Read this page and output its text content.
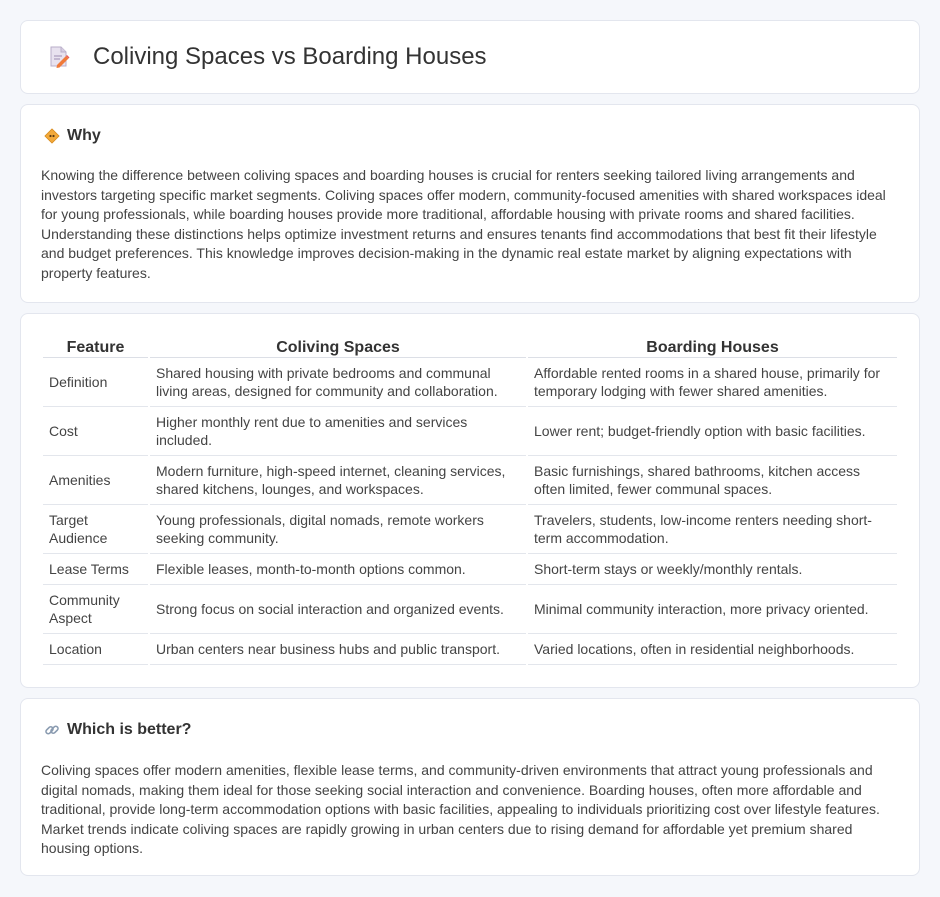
Coliving Spaces vs Boarding Houses
Why

Knowing the difference between coliving spaces and boarding houses is crucial for renters seeking tailored living arrangements and investors targeting specific market segments. Coliving spaces offer modern, community-focused amenities with shared workspaces ideal for young professionals, while boarding houses provide more traditional, affordable housing with private rooms and shared facilities. Understanding these distinctions helps optimize investment returns and ensures tenants find accommodations that best fit their lifestyle and budget preferences. This knowledge improves decision-making in the dynamic real estate market by aligning expectations with property features.

Feature	Coliving Spaces	Boarding Houses
Definition	Shared housing with private bedrooms and communal living areas, designed for community and collaboration.	Affordable rented rooms in a shared house, primarily for temporary lodging with fewer shared amenities.
Cost	Higher monthly rent due to amenities and services included.	Lower rent; budget-friendly option with basic facilities.
Amenities	Modern furniture, high-speed internet, cleaning services, shared kitchens, lounges, and workspaces.	Basic furnishings, shared bathrooms, kitchen access often limited, fewer communal spaces.
Target Audience	Young professionals, digital nomads, remote workers seeking community.	Travelers, students, low-income renters needing short-term accommodation.
Lease Terms	Flexible leases, month-to-month options common.	Short-term stays or weekly/monthly rentals.
Community Aspect	Strong focus on social interaction and organized events.	Minimal community interaction, more privacy oriented.
Location	Urban centers near business hubs and public transport.	Varied locations, often in residential neighborhoods.
Which is better?

Coliving spaces offer modern amenities, flexible lease terms, and community-driven environments that attract young professionals and digital nomads, making them ideal for those seeking social interaction and convenience. Boarding houses, often more affordable and traditional, provide long-term accommodation options with basic facilities, appealing to individuals prioritizing cost over lifestyle features. Market trends indicate coliving spaces are rapidly growing in urban centers due to rising demand for affordable yet premium shared housing options.
